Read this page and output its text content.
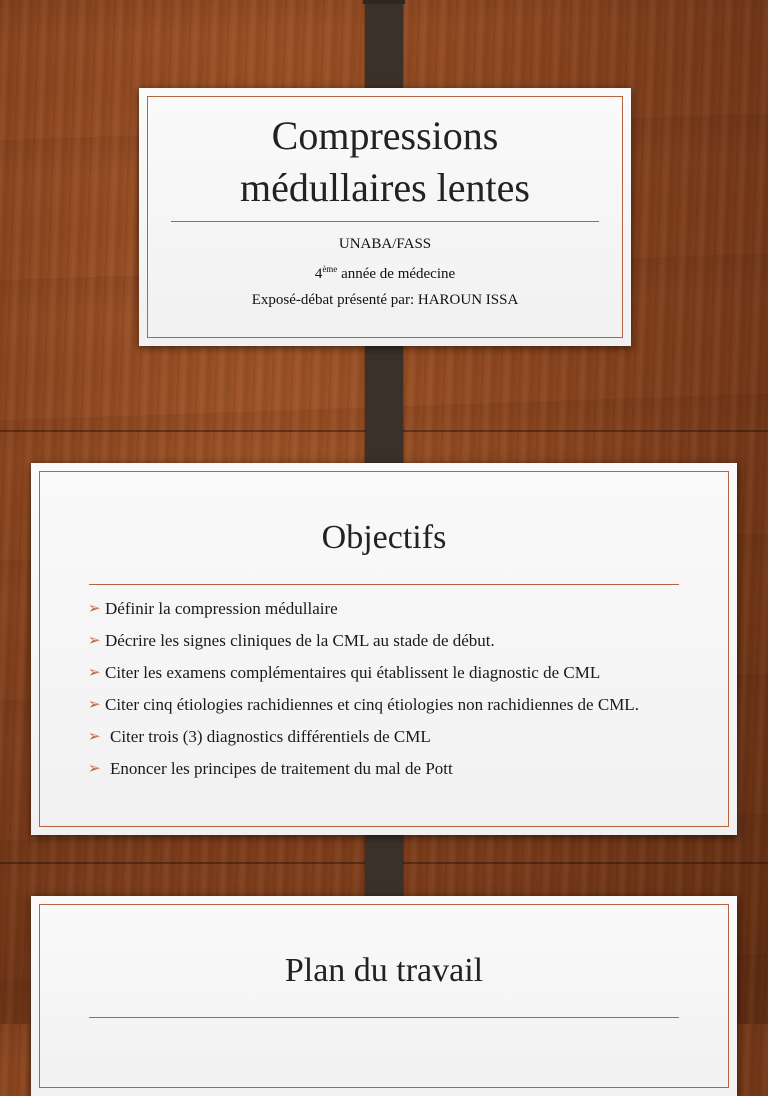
Compressions
médullaires lentes
UNABA/FASS
4ème année de médecine
Exposé-débat présenté par: HAROUN ISSA
Objectifs
➢ Définir la compression médullaire
➢ Décrire les signes cliniques de la CML au stade de début.
➢ Citer les examens complémentaires qui établissent le diagnostic de CML
➢ Citer cinq étiologies rachidiennes et cinq étiologies non rachidiennes de CML.
➢ Citer trois (3) diagnostics différentiels de CML
➢ Enoncer les principes de traitement du mal de Pott
Plan du travail
